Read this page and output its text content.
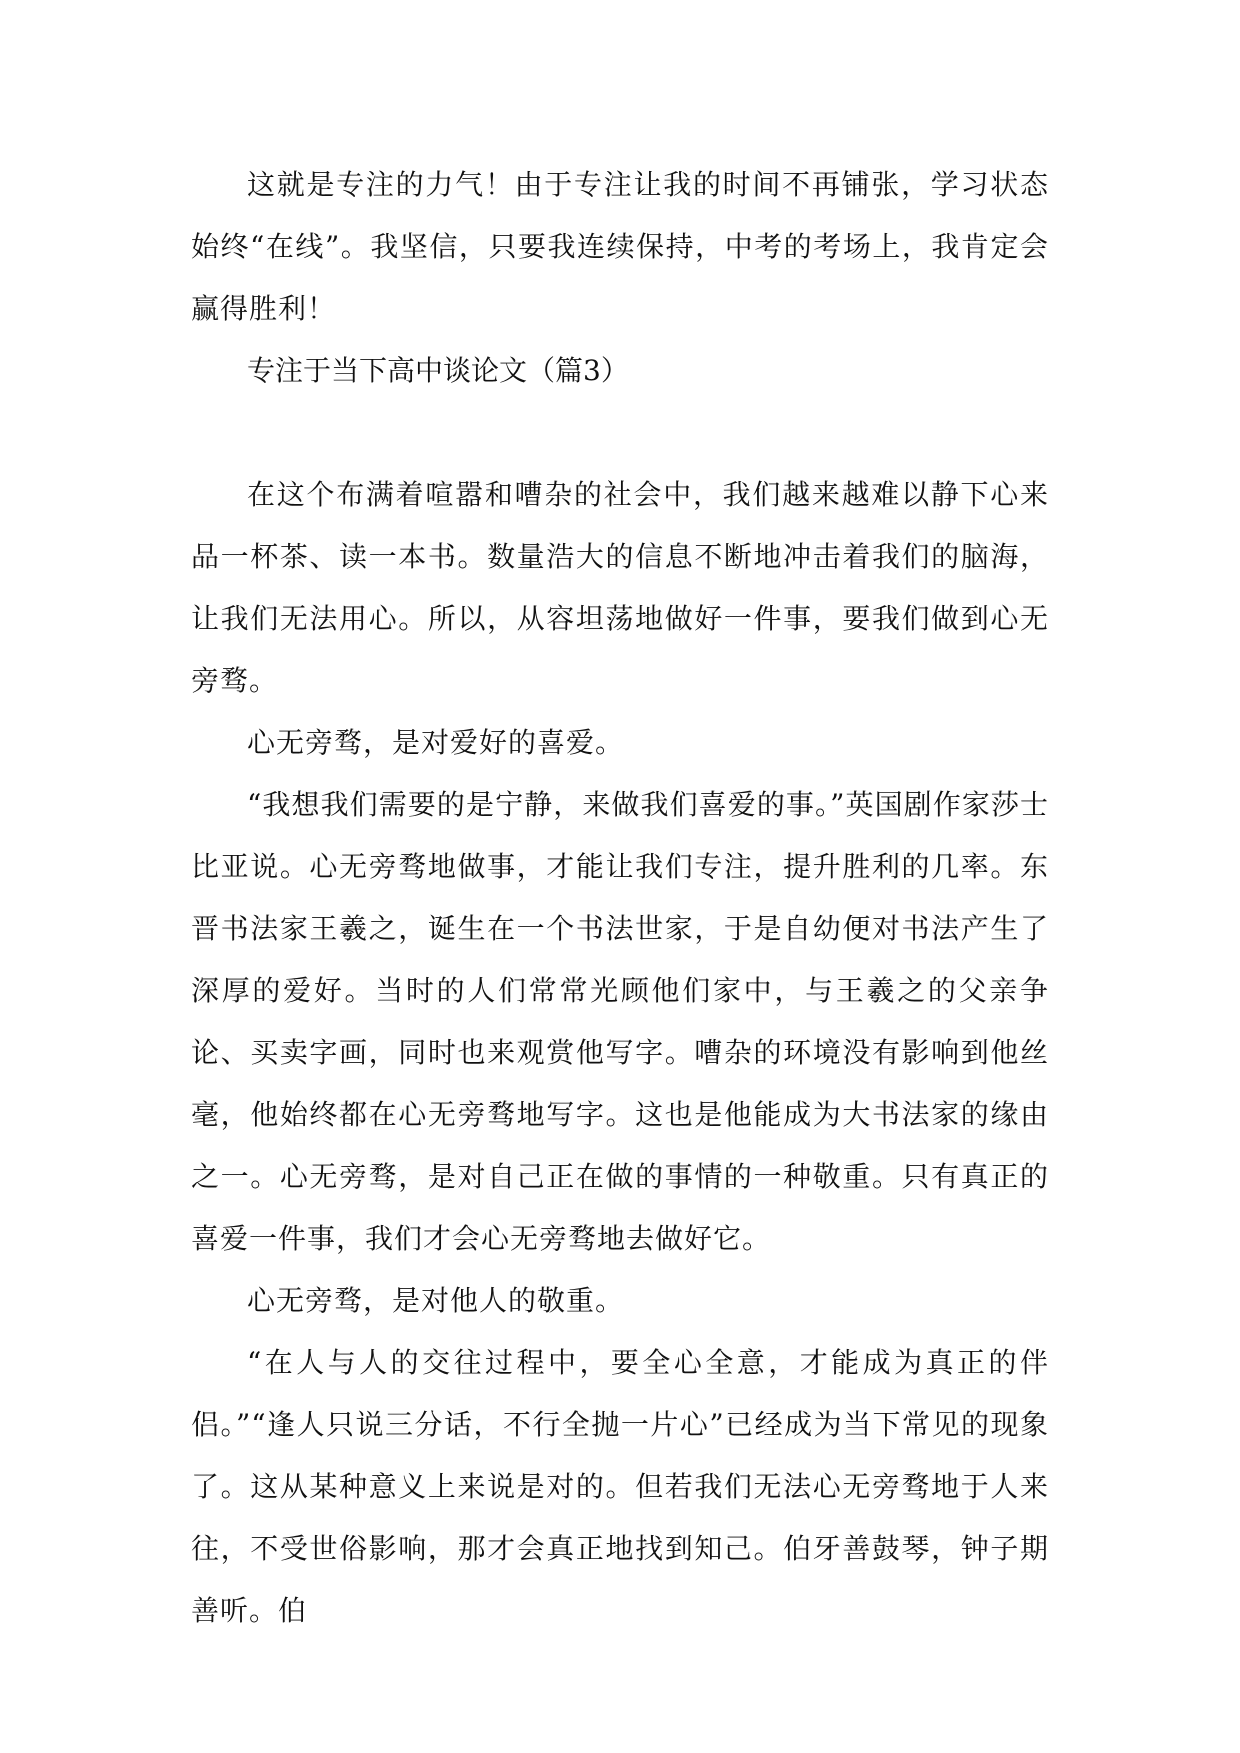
这就是专注的力气！由于专注让我的时间不再铺张，学习状态始终“在线”。我坚信，只要我连续保持，中考的考场上，我肯定会赢得胜利！

专注于当下高中谈论文（篇3）

在这个布满着喧嚣和嘈杂的社会中，我们越来越难以静下心来品一杯茶、读一本书。数量浩大的信息不断地冲击着我们的脑海，让我们无法用心。所以，从容坦荡地做好一件事，要我们做到心无旁骛。

心无旁骛，是对爱好的喜爱。

“我想我们需要的是宁静，来做我们喜爱的事。”英国剧作家莎士比亚说。心无旁骛地做事，才能让我们专注，提升胜利的几率。东晋书法家王羲之，诞生在一个书法世家，于是自幼便对书法产生了深厚的爱好。当时的人们常常光顾他们家中，与王羲之的父亲争论、买卖字画，同时也来观赏他写字。嘈杂的环境没有影响到他丝毫，他始终都在心无旁骛地写字。这也是他能成为大书法家的缘由之一。心无旁骛，是对自己正在做的事情的一种敬重。只有真正的喜爱一件事，我们才会心无旁骛地去做好它。

心无旁骛，是对他人的敬重。

“在人与人的交往过程中，要全心全意，才能成为真正的伴侣。”“逢人只说三分话，不行全抛一片心”已经成为当下常见的现象了。这从某种意义上来说是对的。但若我们无法心无旁骛地于人来往，不受世俗影响，那才会真正地找到知己。伯牙善鼓琴，钟子期善听。伯
